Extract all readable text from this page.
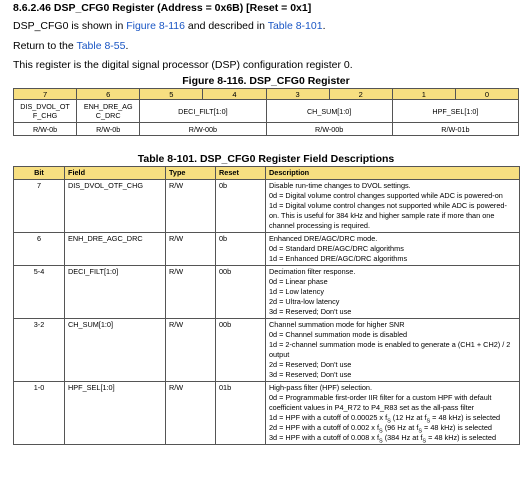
8.6.2.46 DSP_CFG0 Register (Address = 0x6B) [Reset = 0x1]
DSP_CFG0 is shown in Figure 8-116 and described in Table 8-101.
Return to the Table 8-55.
This register is the digital signal processor (DSP) configuration register 0.
Figure 8-116. DSP_CFG0 Register
7	6	5	4	3	2	1	0
DIS_DVOL_OT F_CHG	ENH_DRE_AG C_DRC	DECI_FILT[1:0]		CH_SUM[1:0]		HPF_SEL[1:0]	
R/W-0b	R/W-0b	R/W-00b		R/W-00b		R/W-01b	
Table 8-101. DSP_CFG0 Register Field Descriptions
Bit	Field	Type	Reset	Description
7	DIS_DVOL_OTF_CHG	R/W	0b	Disable run-time changes to DVOL settings.
0d = Digital volume control changes supported while ADC is powered-on
1d = Digital volume control changes not supported while ADC is powered-on. This is useful for 384 kHz and higher sample rate if more than one channel processing is required.

6	ENH_DRE_AGC_DRC	R/W	0b	Enhanced DRE/AGC/DRC mode.
0d = Standard DRE/AGC/DRC algorithms
1d = Enhanced DRE/AGC/DRC algorithms

5-4	DECI_FILT[1:0]	R/W	00b	Decimation filter response.
0d = Linear phase
1d = Low latency
2d = Ultra-low latency
3d = Reserved; Don't use

3-2	CH_SUM[1:0]	R/W	00b	Channel summation mode for higher SNR
0d = Channel summation mode is disabled
1d = 2-channel summation mode is enabled to generate a (CH1 + CH2) / 2 output
2d = Reserved; Don't use
3d = Reserved; Don't use

1-0	HPF_SEL[1:0]	R/W	01b	High-pass filter (HPF) selection.
0d = Programmable first-order IIR filter for a custom HPF with default coefficient values in P4_R72 to P4_R83 set as the all-pass filter
1d = HPF with a cutoff of 0.00025 x $f_S$ (12 Hz at $f_S = 48$ kHz) is selected
2d = HPF with a cutoff of 0.002 x $f_S$ (96 Hz at $f_S = 48$ kHz) is selected
3d = HPF with a cutoff of 0.008 x $f_S$ (384 Hz at $f_S = 48$ kHz) is selected
